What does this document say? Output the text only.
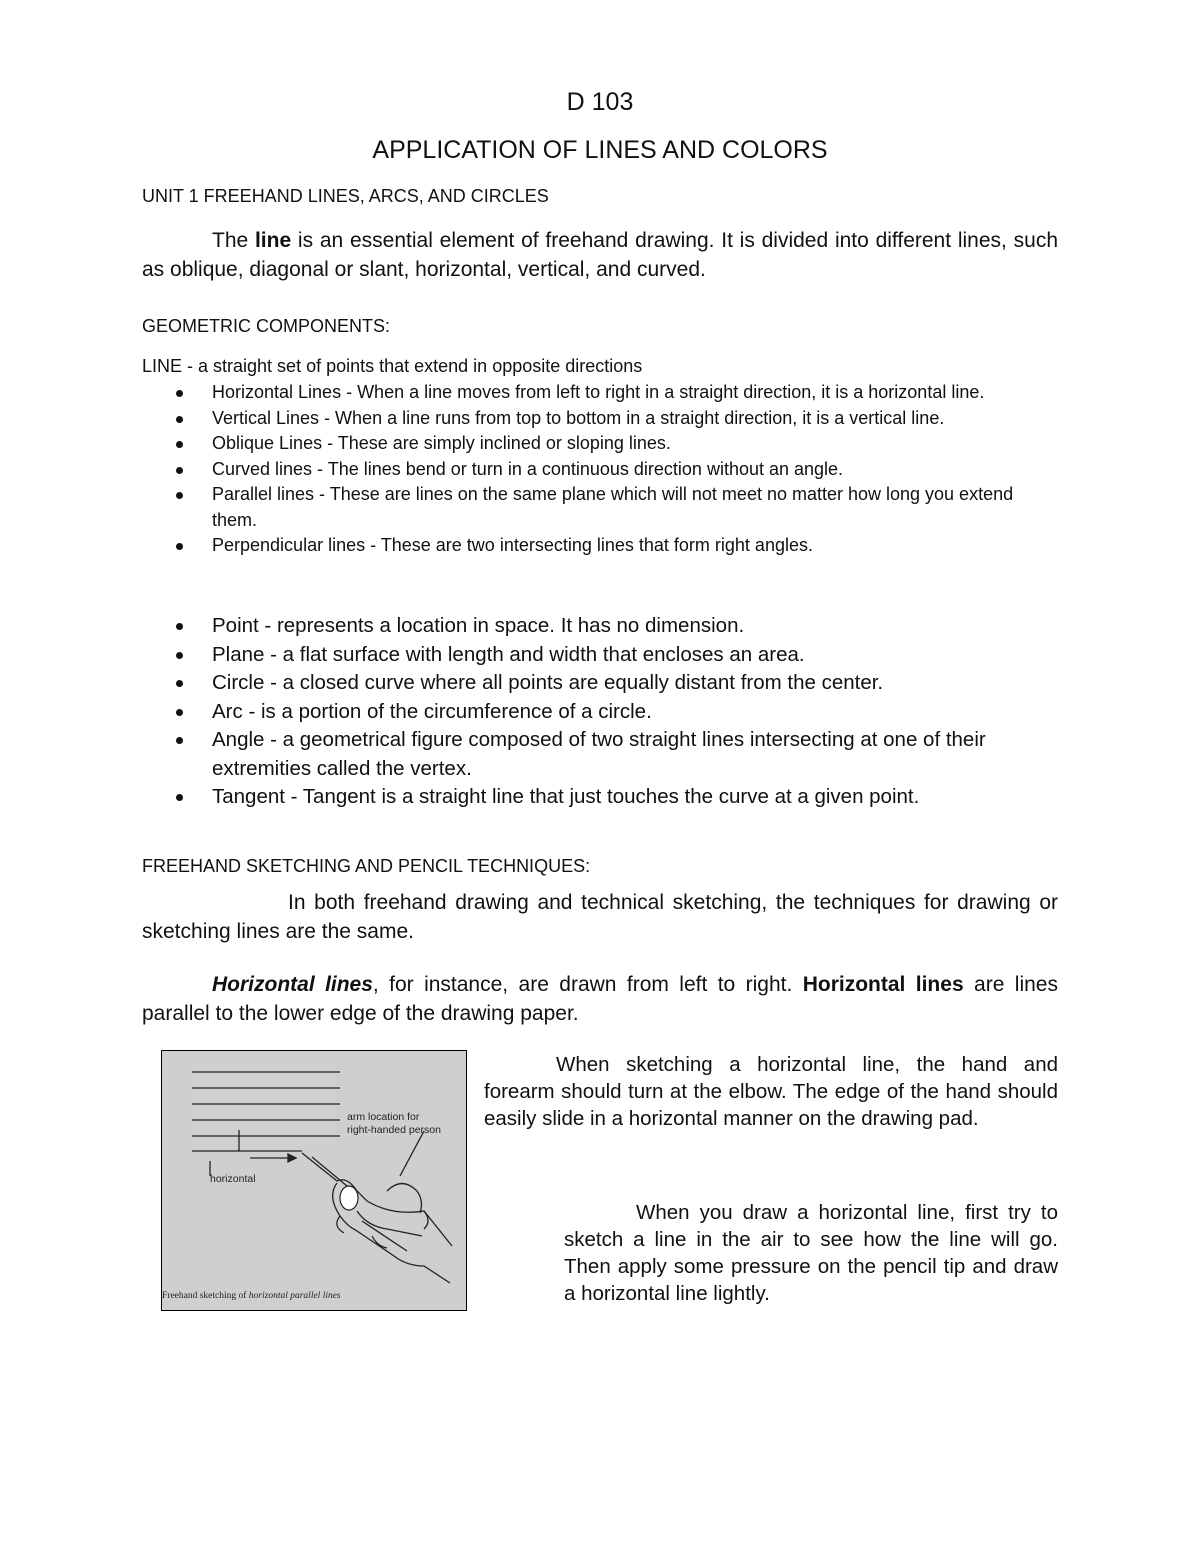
D 103
APPLICATION OF LINES AND COLORS
UNIT 1 FREEHAND LINES, ARCS, AND CIRCLES
The line is an essential element of freehand drawing. It is divided into different lines, such as oblique, diagonal or slant, horizontal, vertical, and curved.
GEOMETRIC COMPONENTS:
LINE - a straight set of points that extend in opposite directions
Horizontal Lines - When a line moves from left to right in a straight direction, it is a horizontal line.
Vertical Lines - When a line runs from top to bottom in a straight direction, it is a vertical line.
Oblique Lines - These are simply inclined or sloping lines.
Curved lines - The lines bend or turn in a continuous direction without an angle.
Parallel lines - These are lines on the same plane which will not meet no matter how long you extend them.
Perpendicular lines - These are two intersecting lines that form right angles.
Point - represents a location in space. It has no dimension.
Plane - a flat surface with length and width that encloses an area.
Circle - a closed curve where all points are equally distant from the center.
Arc - is a portion of the circumference of a circle.
Angle - a geometrical figure composed of two straight lines intersecting at one of their extremities called the vertex.
Tangent - Tangent is a straight line that just touches the curve at a given point.
FREEHAND SKETCHING AND PENCIL TECHNIQUES:
In both freehand drawing and technical sketching, the techniques for drawing or sketching lines are the same.
Horizontal lines, for instance, are drawn from left to right. Horizontal lines are lines parallel to the lower edge of the drawing paper.
arm location for
right-handed person
horizontal
Freehand sketching of horizontal parallel lines
When sketching a horizontal line, the hand and forearm should turn at the elbow. The edge of the hand should easily slide in a horizontal manner on the drawing pad.
When you draw a horizontal line, first try to sketch a line in the air to see how the line will go. Then apply some pressure on the pencil tip and draw a horizontal line lightly.
